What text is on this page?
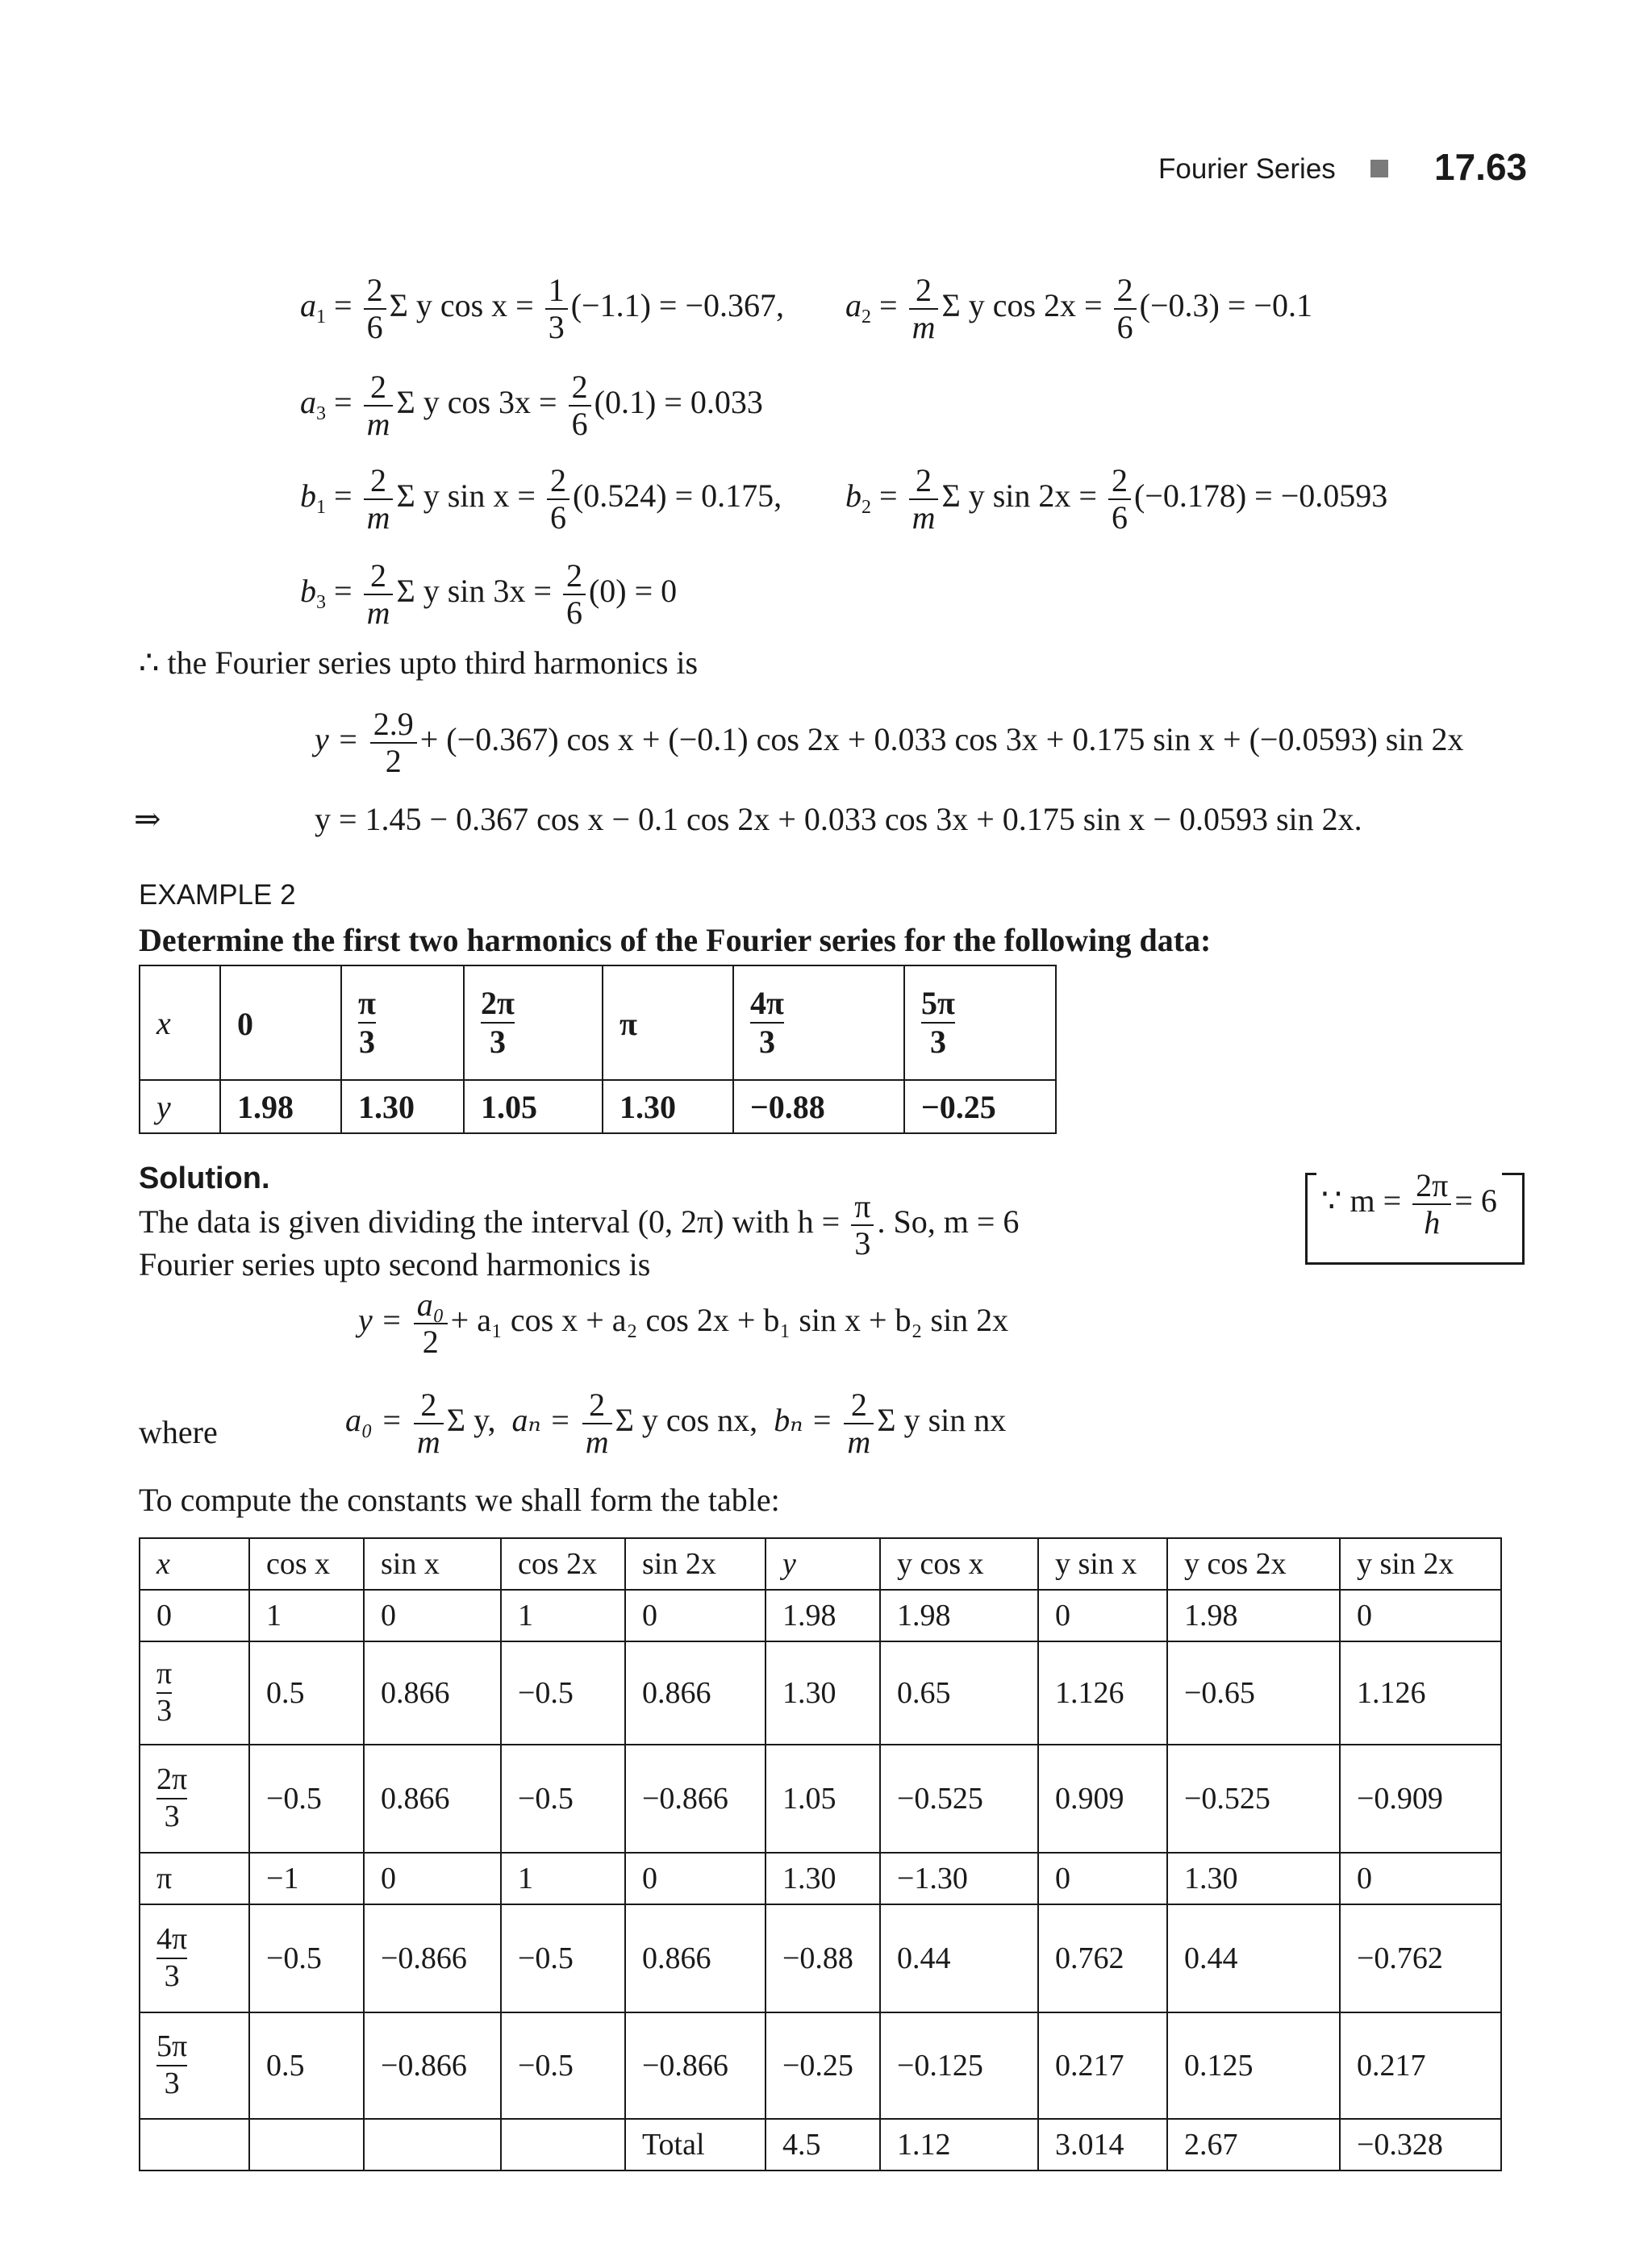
Fourier Series	17.63
$a_1 = \frac{2}{6}$ Σ y $\cos x = \frac{1}{3} (-1.1) = -0.367$, $a_2 = \frac{2}{m}$ Σ y $\cos 2x = \frac{2}{6} (-0.3) = -0.1$
$a_3 = \frac{2}{m}$ Σ y $\cos 3x = \frac{2}{6} (0.1) = 0.033$
$b_1 = \frac{2}{m}$ Σ y $\sin x = \frac{2}{6} (0.524) = 0.175$, $b_2 = \frac{2}{m}$ Σ y $\sin 2x = \frac{2}{6} (-0.178) = -0.0593$
$b_3 = \frac{2}{m}$ Σ y $\sin 3x = \frac{2}{6} (0) = 0$
∴ the Fourier series upto third harmonics is
$y = \frac{2.9}{2} + (-0.367)$ cos x + (−0.1) cos 2x + 0.033 cos 3x + 0.175 sin x + (−0.0593) sin 2x
⇒	y = 1.45 − 0.367 cos x − 0.1 cos 2x + 0.033 cos 3x + 0.175 sin x − 0.0593 sin 2x.
EXAMPLE 2
Determine the first two harmonics of the Fourier series for the following data:
x	0	$\frac{\pi}{3}$	$\frac{2\pi}{3}$	π	$\frac{4\pi}{3}$	$\frac{5\pi}{3}$

y	1.98	1.30	1.05	1.30	−0.88	−0.25
Solution.
The data is given dividing the interval (0, 2π) with $h = \frac{\pi}{3}$ . So, m = 6
Fourier series upto second harmonics is
∵ $m = \frac{2\pi}{h} = 6$
$y = \frac{\text{a₀}}{2} + a_1$ cos x + a₂ cos 2x + b₁ sin x + b₂ sin 2x
where	$a_0 = \frac{2}{m}$ Σ y, $a_n = \frac{2}{m}$ Σ y cos nx, $b_n = \frac{2}{m}$ Σ y sin nx
To compute the constants we shall form the table:
x	cos x	sin x	cos 2x	sin 2x	y	y cos x	y sin x	y cos 2x	y sin 2x
0	1	0	1	0	1.98	1.98	0	1.98	0

$\frac{\pi}{3}$	0.5	0.866	−0.5	0.866	1.30	0.65	1.126	−0.65	1.126

$\frac{2\pi}{3}$	−0.5	0.866	−0.5	−0.866	1.05	−0.525	0.909	−0.525	−0.909
π	−1	0	1	0	1.30	−1.30	0	1.30	0

$\frac{4\pi}{3}$	−0.5	−0.866	−0.5	0.866	−0.88	0.44	0.762	0.44	−0.762

$\frac{5\pi}{3}$	0.5	−0.866	−0.5	−0.866	−0.25	−0.125	0.217	0.125	0.217
				Total	4.5	1.12	3.014	2.67	−0.328
